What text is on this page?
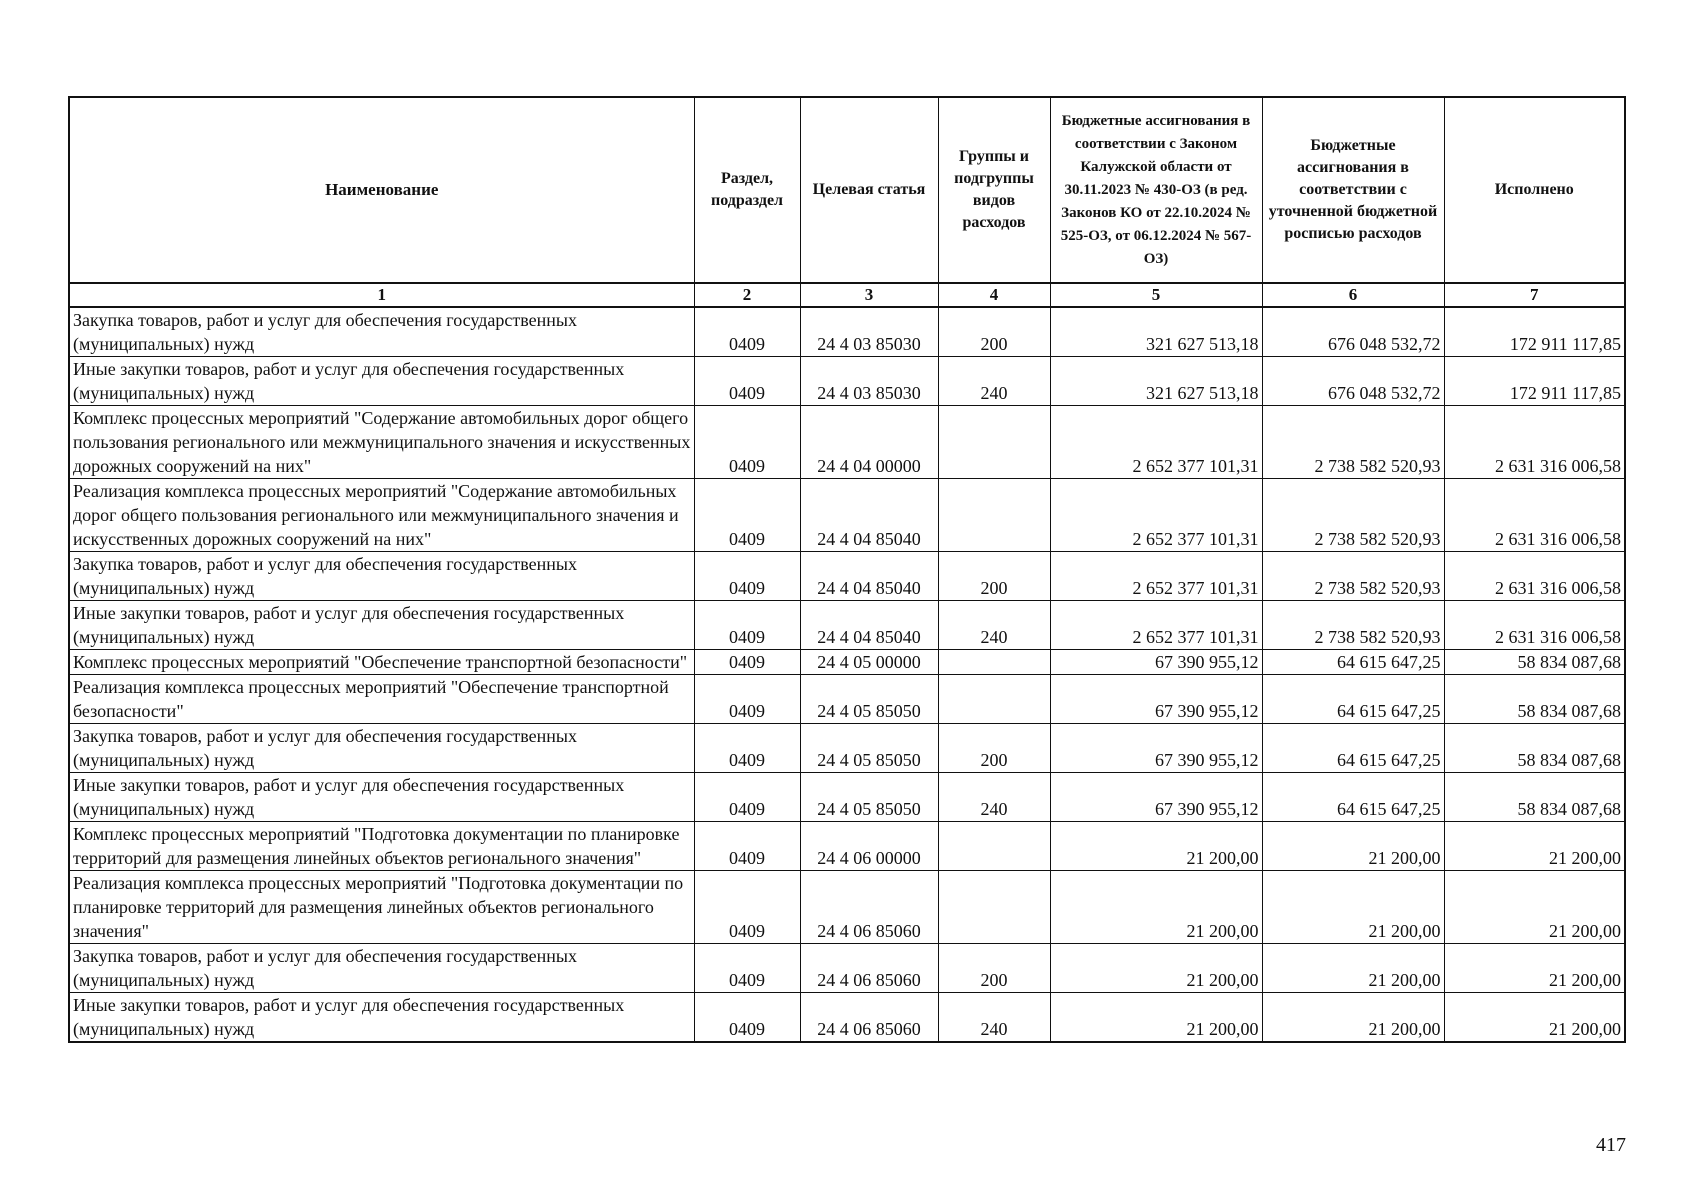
Наименование	Раздел, подраздел	Целевая статья	Группы и подгруппы видов расходов	Бюджетные ассигнования в соответствии с Законом Калужской области от 30.11.2023 № 430-ОЗ (в ред. Законов КО от 22.10.2024 № 525-ОЗ, от 06.12.2024 № 567-ОЗ)	Бюджетные ассигнования в соответствии с уточненной бюджетной росписью расходов	Исполнено
1	2	3	4	5	6	7
Закупка товаров, работ и услуг для обеспечения государственных (муниципальных) нужд	0409	24 4 03 85030	200	321 627 513,18	676 048 532,72	172 911 117,85
Иные закупки товаров, работ и услуг для обеспечения государственных (муниципальных) нужд	0409	24 4 03 85030	240	321 627 513,18	676 048 532,72	172 911 117,85
Комплекс процессных мероприятий "Содержание автомобильных дорог общего пользования регионального или межмуниципального значения и искусственных дорожных сооружений на них"	0409	24 4 04 00000		2 652 377 101,31	2 738 582 520,93	2 631 316 006,58
Реализация комплекса процессных мероприятий "Содержание автомобильных дорог общего пользования регионального или межмуниципального значения и искусственных дорожных сооружений на них"	0409	24 4 04 85040		2 652 377 101,31	2 738 582 520,93	2 631 316 006,58
Закупка товаров, работ и услуг для обеспечения государственных (муниципальных) нужд	0409	24 4 04 85040	200	2 652 377 101,31	2 738 582 520,93	2 631 316 006,58
Иные закупки товаров, работ и услуг для обеспечения государственных (муниципальных) нужд	0409	24 4 04 85040	240	2 652 377 101,31	2 738 582 520,93	2 631 316 006,58
Комплекс процессных мероприятий "Обеспечение транспортной безопасности"	0409	24 4 05 00000		67 390 955,12	64 615 647,25	58 834 087,68
Реализация комплекса процессных мероприятий "Обеспечение транспортной безопасности"	0409	24 4 05 85050		67 390 955,12	64 615 647,25	58 834 087,68
Закупка товаров, работ и услуг для обеспечения государственных (муниципальных) нужд	0409	24 4 05 85050	200	67 390 955,12	64 615 647,25	58 834 087,68
Иные закупки товаров, работ и услуг для обеспечения государственных (муниципальных) нужд	0409	24 4 05 85050	240	67 390 955,12	64 615 647,25	58 834 087,68
Комплекс процессных мероприятий "Подготовка документации по планировке территорий для размещения линейных объектов регионального значения"	0409	24 4 06 00000		21 200,00	21 200,00	21 200,00
Реализация комплекса процессных мероприятий "Подготовка документации по планировке территорий для размещения линейных объектов регионального значения"	0409	24 4 06 85060		21 200,00	21 200,00	21 200,00
Закупка товаров, работ и услуг для обеспечения государственных (муниципальных) нужд	0409	24 4 06 85060	200	21 200,00	21 200,00	21 200,00
Иные закупки товаров, работ и услуг для обеспечения государственных (муниципальных) нужд	0409	24 4 06 85060	240	21 200,00	21 200,00	21 200,00
417
